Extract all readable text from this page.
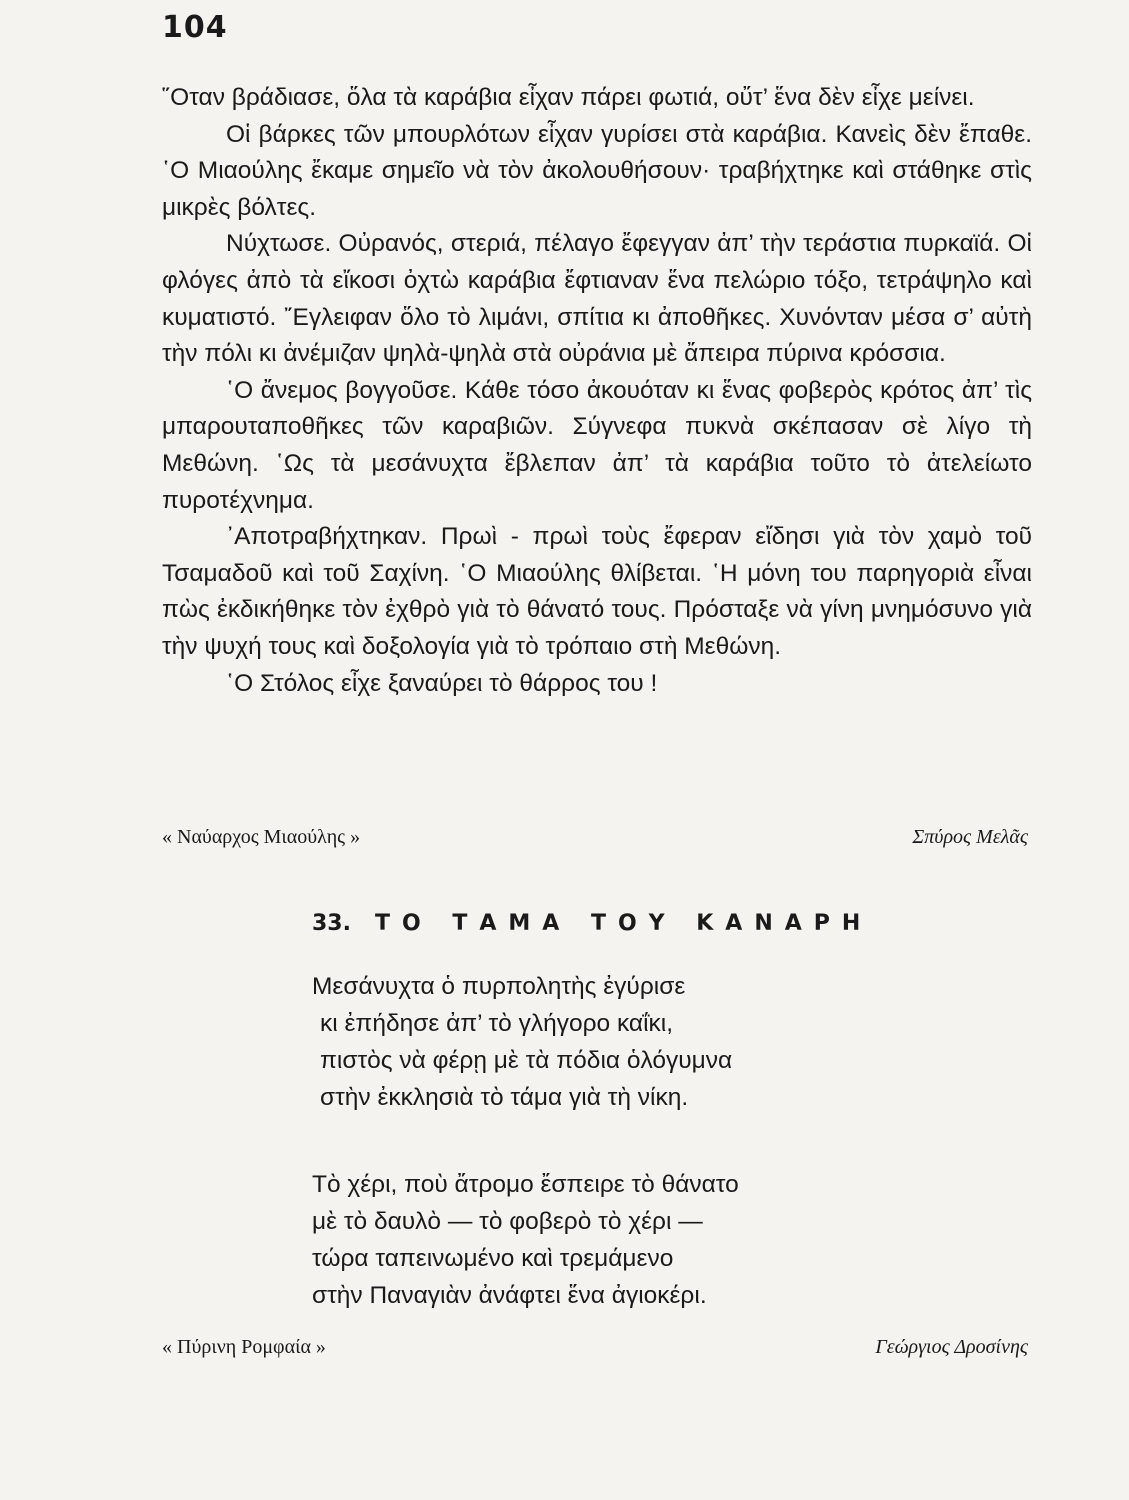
104

῞Οταν βράδιασε, ὅλα τὰ καράβια εἶχαν πάρει φωτιά, οὔτ’ ἕνα δὲν εἶχε μείνει.

Οἱ βάρκες τῶν μπουρλότων εἶχαν γυρίσει στὰ καράβια. Κανεὶς δὲν ἔπαθε. ῾Ο Μιαούλης ἔκαμε σημεῖο νὰ τὸν ἀκολουθήσουν· τραβήχτηκε καὶ στάθηκε στὶς μικρὲς βόλτες.

Νύχτωσε. Οὐρανός, στεριά, πέλαγο ἔφεγγαν ἀπ’ τὴν τεράστια πυρκαϊά. Οἱ φλόγες ἀπὸ τὰ εἴκοσι ὀχτὼ καράβια ἔφτιαναν ἕνα πελώριο τόξο, τετράψηλο καὶ κυματιστό. ῎Εγλειφαν ὅλο τὸ λιμάνι, σπίτια κι ἀποθῆκες. Χυνόνταν μέσα σ’ αὐτὴ τὴν πόλι κι ἀνέμιζαν ψηλὰ-ψηλὰ στὰ οὐράνια μὲ ἄπειρα πύρινα κρόσσια.

῾Ο ἄνεμος βογγοῦσε. Κάθε τόσο ἀκουόταν κι ἕνας φοβερὸς κρότος ἀπ’ τὶς μπαρουταποθῆκες τῶν καραβιῶν. Σύγνεφα πυκνὰ σκέπασαν σὲ λίγο τὴ Μεθώνη. ῾Ως τὰ μεσάνυχτα ἔβλεπαν ἀπ’ τὰ καράβια τοῦτο τὸ ἀτελείωτο πυροτέχνημα.

᾿Αποτραβήχτηκαν. Πρωὶ - πρωὶ τοὺς ἔφεραν εἴδησι γιὰ τὸν χαμὸ τοῦ Τσαμαδοῦ καὶ τοῦ Σαχίνη. ῾Ο Μιαούλης θλίβεται. ῾Η μόνη του παρηγοριὰ εἶναι πὼς ἐκδικήθηκε τὸν ἐχθρὸ γιὰ τὸ θάνατό τους. Πρόσταξε νὰ γίνη μνημόσυνο γιὰ τὴν ψυχή τους καὶ δοξολογία γιὰ τὸ τρόπαιο στὴ Μεθώνη.

῾Ο Στόλος εἶχε ξαναύρει τὸ θάρρος του !

« Ναύαρχος Μιαούλης »	Σπύρος Μελᾶς
33. ΤΟ ΤΑΜΑ ΤΟΥ ΚΑΝΑΡΗ
Μεσάνυχτα ὁ πυρπολητὴς ἐγύρισε
κι ἐπήδησε ἀπ’ τὸ γλήγορο καΐκι,
πιστὸς νὰ φέρῃ μὲ τὰ πόδια ὁλόγυμνα
στὴν ἐκκλησιὰ τὸ τάμα γιὰ τὴ νίκη.
Τὸ χέρι, ποὺ ἄτρομο ἔσπειρε τὸ θάνατο
μὲ τὸ δαυλὸ — τὸ φοβερὸ τὸ χέρι —
τώρα ταπεινωμένο καὶ τρεμάμενο
στὴν Παναγιὰν ἀνάφτει ἕνα ἀγιοκέρι.
« Πύρινη Ρομφαία »	Γεώργιος Δροσίνης
